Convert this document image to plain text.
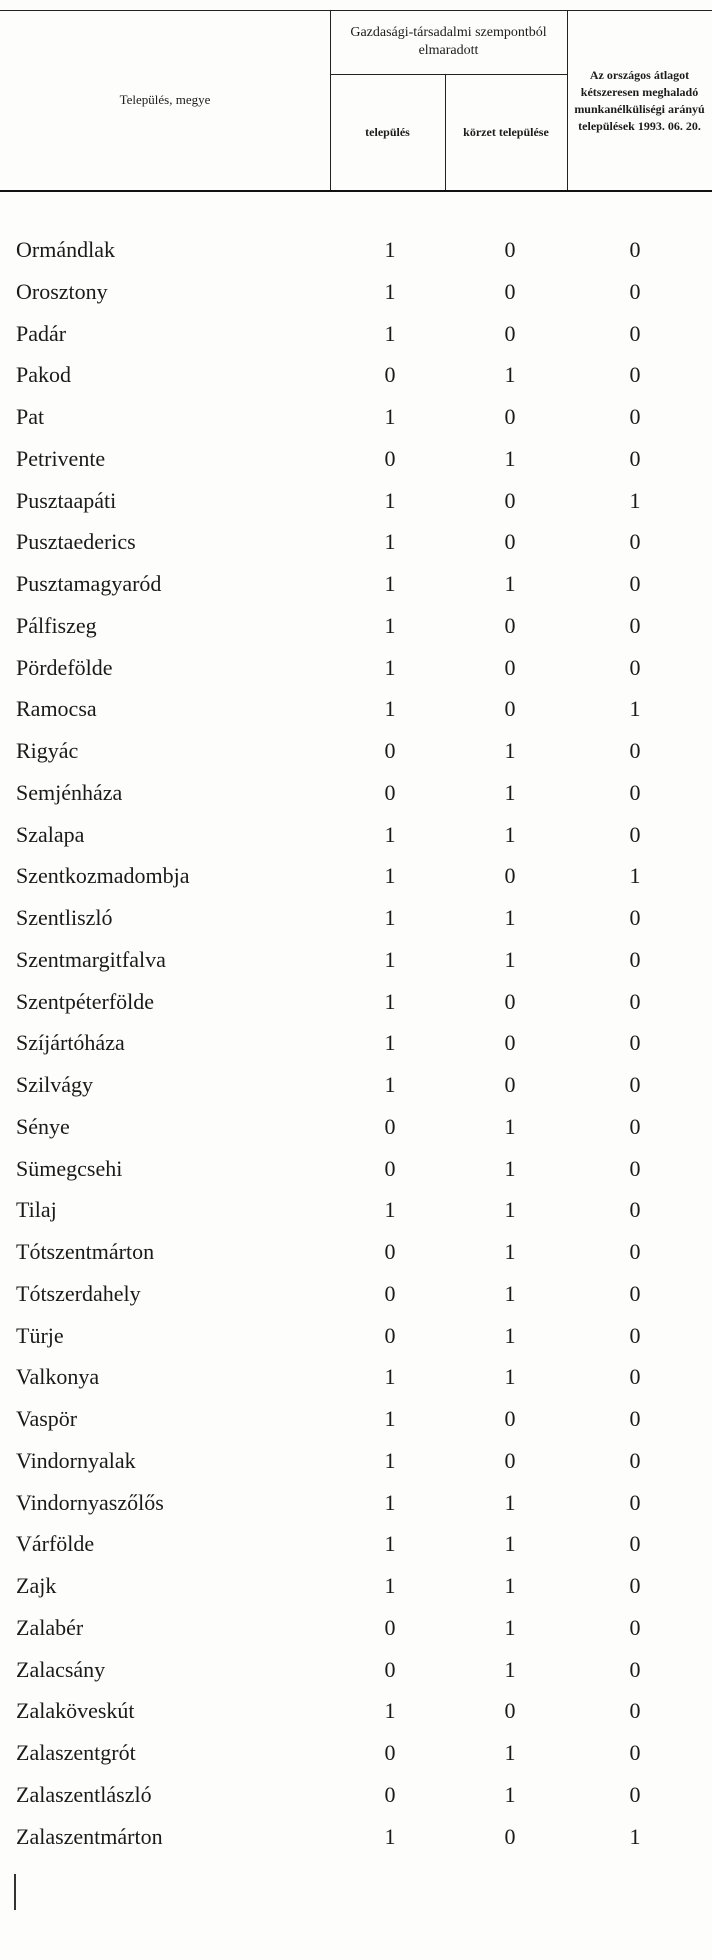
Település, megye
Gazdasági-társadalmi szempontból elmaradott
település	körzet települése
Az országos átlagot kétszeresen meghaladó munkanélküliségi arányú települések 1993. 06. 20.
Ormándlak	1	0	0
Orosztony	1	0	0
Padár	1	0	0
Pakod	0	1	0
Pat	1	0	0
Petrivente	0	1	0
Pusztaapáti	1	0	1
Pusztaederics	1	0	0
Pusztamagyaród	1	1	0
Pálfiszeg	1	0	0
Pördefölde	1	0	0
Ramocsa	1	0	1
Rigyác	0	1	0
Semjénháza	0	1	0
Szalapa	1	1	0
Szentkozmadombja	1	0	1
Szentliszló	1	1	0
Szentmargitfalva	1	1	0
Szentpéterfölde	1	0	0
Szíjártóháza	1	0	0
Szilvágy	1	0	0
Sénye	0	1	0
Sümegcsehi	0	1	0
Tilaj	1	1	0
Tótszentmárton	0	1	0
Tótszerdahely	0	1	0
Türje	0	1	0
Valkonya	1	1	0
Vaspör	1	0	0
Vindornyalak	1	0	0
Vindornyaszőlős	1	1	0
Várfölde	1	1	0
Zajk	1	1	0
Zalabér	0	1	0
Zalacsány	0	1	0
Zalaköveskút	1	0	0
Zalaszentgrót	0	1	0
Zalaszentlászló	0	1	0
Zalaszentmárton	1	0	1
